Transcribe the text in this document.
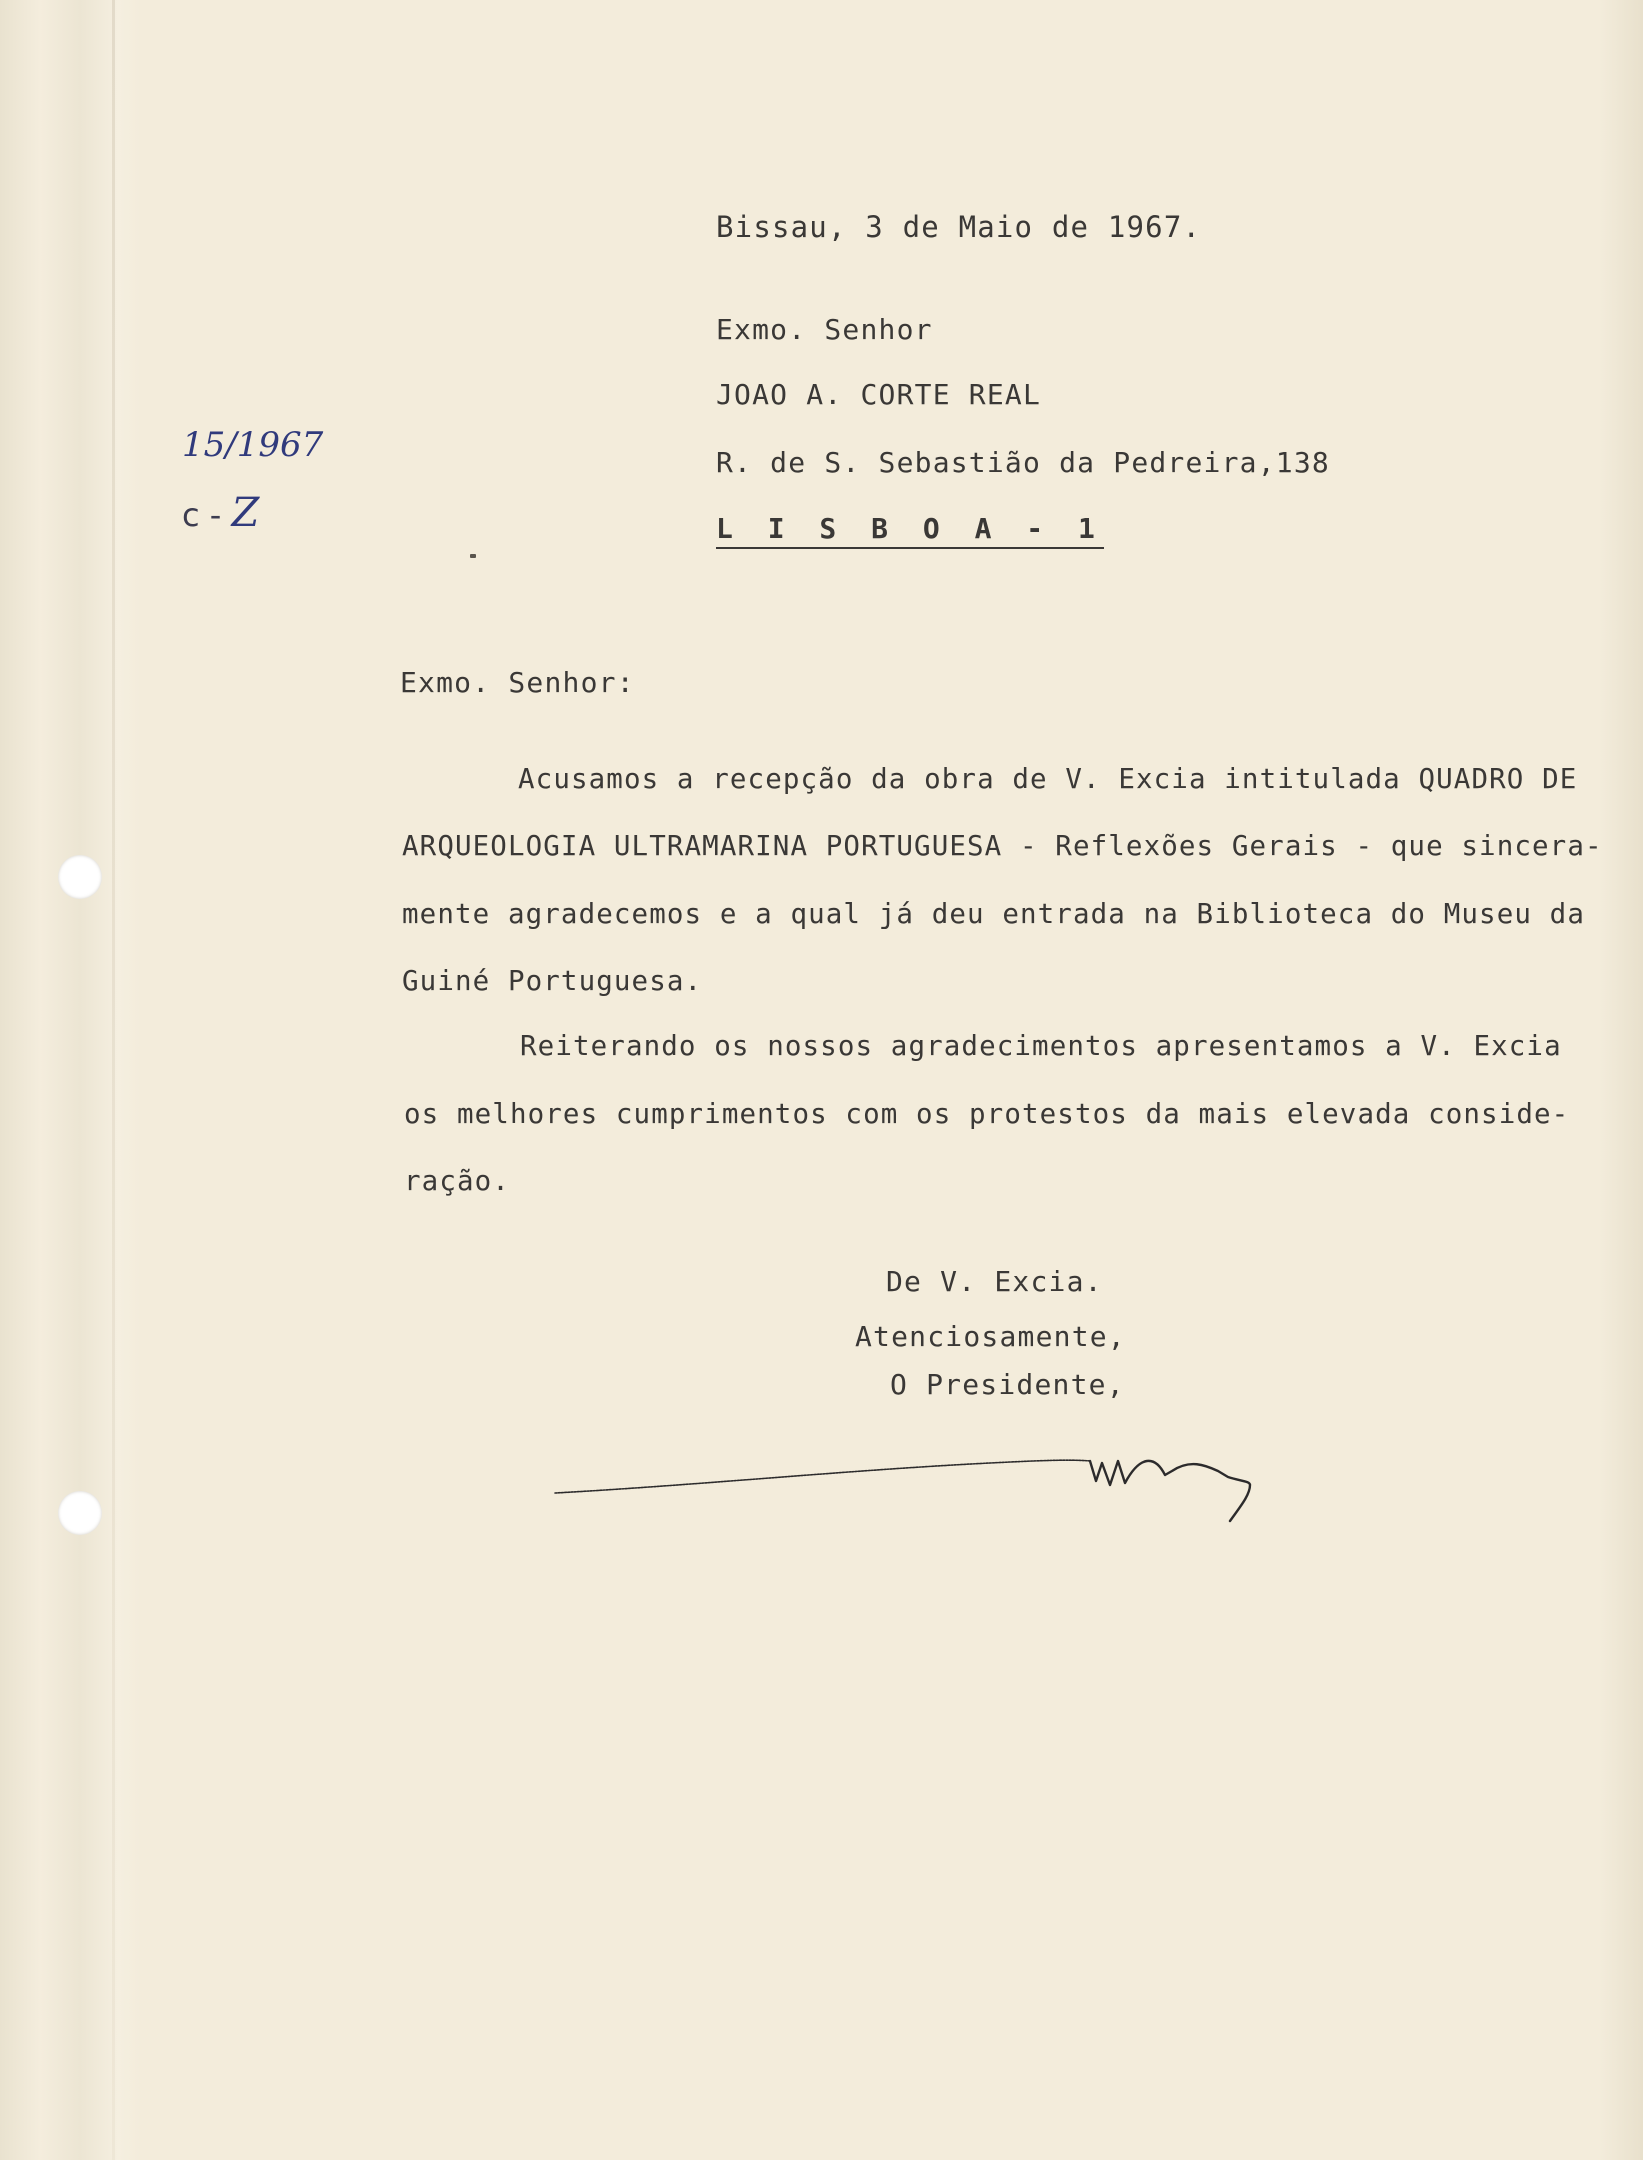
15/1967
c - Z
Bissau, 3 de Maio de 1967.
Exmo. Senhor
JOAO A. CORTE REAL
R. de S. Sebastião da Pedreira,138
L I S B O A - 1
Exmo. Senhor:
Acusamos a recepção da obra de V. Excia intitulada QUADRO DE
ARQUEOLOGIA ULTRAMARINA PORTUGUESA - Reflexões Gerais - que sincera-
mente agradecemos e a qual já deu entrada na Biblioteca do Museu da
Guiné Portuguesa.
Reiterando os nossos agradecimentos apresentamos a V. Excia
os melhores cumprimentos com os protestos da mais elevada conside-
ração.
De V. Excia.
Atenciosamente,
O Presidente,
